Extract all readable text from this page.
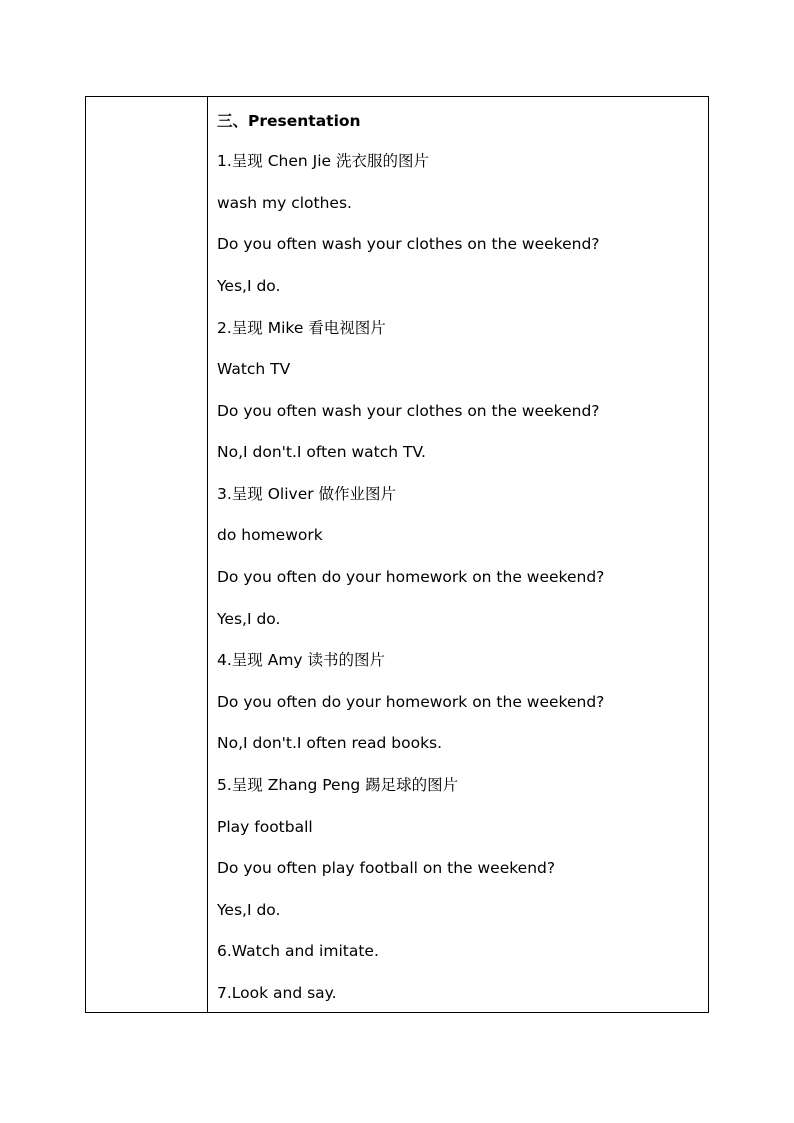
三、Presentation
1.呈现 Chen Jie 洗衣服的图片
wash my clothes.
Do you often wash your clothes on the weekend?
Yes,I do.
2.呈现 Mike 看电视图片
Watch TV
Do you often wash your clothes on the weekend?
No,I don't.I often watch TV.
3.呈现 Oliver 做作业图片
do homework
Do you often do your homework on the weekend?
Yes,I do.
4.呈现 Amy 读书的图片
Do you often do your homework on the weekend?
No,I don't.I often read books.
5.呈现 Zhang Peng 踢足球的图片
Play football
Do you often play football on the weekend?
Yes,I do.
6.Watch and imitate.
7.Look and say.
